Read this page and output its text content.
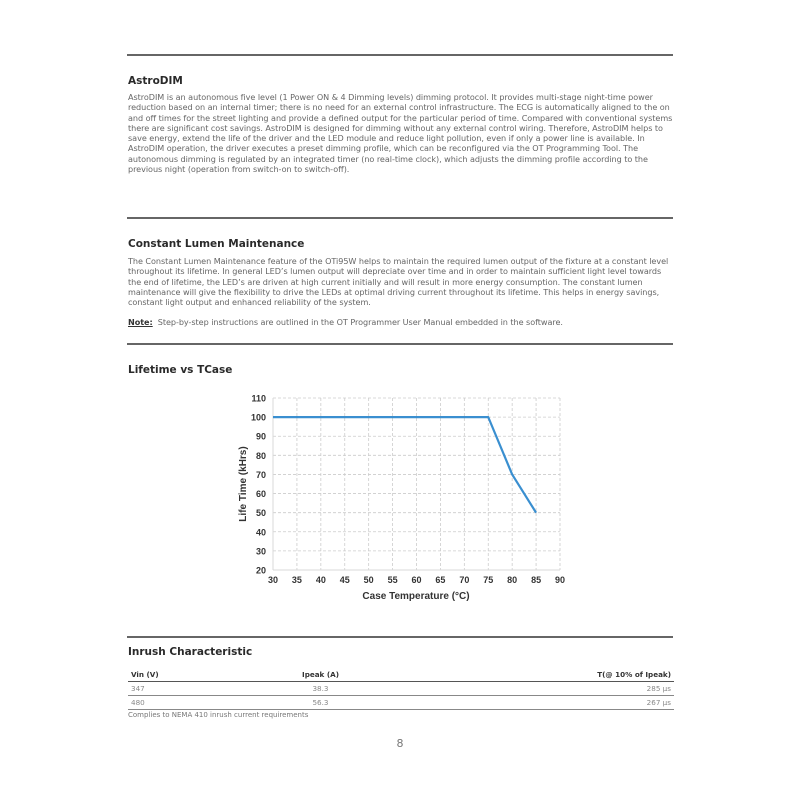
AstroDIM

AstroDIM is an autonomous five level (1 Power ON & 4 Dimming levels) dimming protocol. It provides multi-stage night-time power reduction based on an internal timer; there is no need for an external control infrastructure. The ECG is automatically aligned to the on and off times for the street lighting and provide a defined output for the particular period of time. Compared with conventional systems there are significant cost savings. AstroDIM is designed for dimming without any external control wiring. Therefore, AstroDIM helps to save energy, extend the life of the driver and the LED module and reduce light pollution, even if only a power line is available. In AstroDIM operation, the driver executes a preset dimming profile, which can be reconfigured via the OT Programming Tool. The autonomous dimming is regulated by an integrated timer (no real-time clock), which adjusts the dimming profile according to the previous night (operation from switch-on to switch-off).

Constant Lumen Maintenance

The Constant Lumen Maintenance feature of the OTi95W helps to maintain the required lumen output of the fixture at a constant level throughout its lifetime. In general LED’s lumen output will depreciate over time and in order to maintain sufficient light level towards the end of lifetime, the LED’s are driven at high current initially and will result in more energy consumption. The constant lumen maintenance will give the flexibility to drive the LEDs at optimal driving current throughout its lifetime. This helps in energy savings, constant light output and enhanced reliability of the system.

Note: Step-by-step instructions are outlined in the OT Programmer User Manual embedded in the software.

Lifetime vs TCase
30 35 40 45 50 55 60 65 70 75 80 85 90
20
30
40
50
60
70
80
90
100
110
Case Temperature (°C)
Life Time (kHrs)
Inrush Characteristic
Vin (V)	Ipeak (A)	T(@ 10% of Ipeak)
347	38.3	285 µs
480	56.3	267 µs
Complies to NEMA 410 inrush current requirements
8
